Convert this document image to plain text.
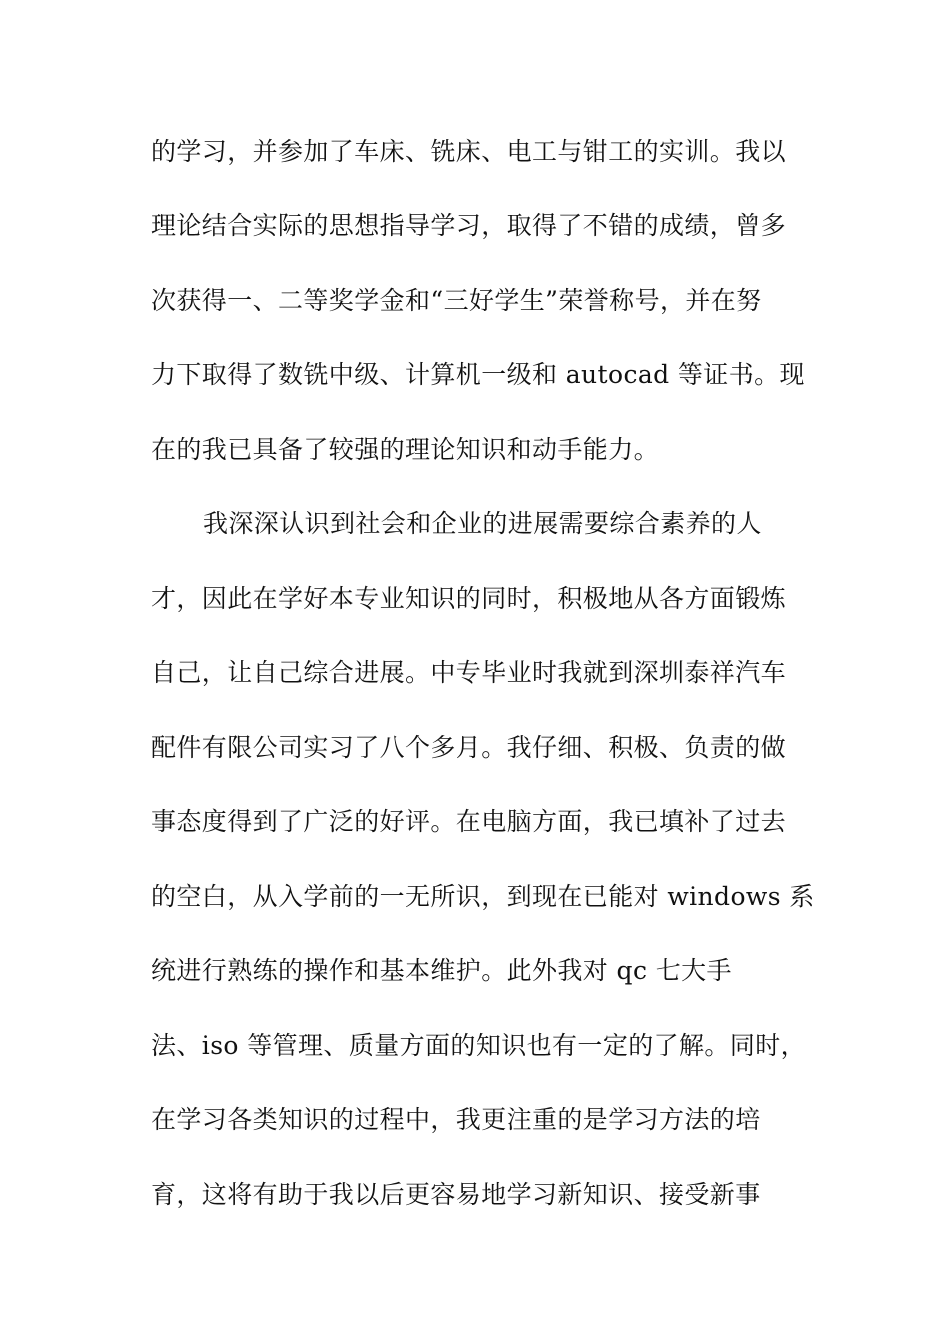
的学习，并参加了车床、铣床、电工与钳工的实训。我以
理论结合实际的思想指导学习，取得了不错的成绩，曾多
次获得一、二等奖学金和“三好学生”荣誉称号，并在努
力下取得了数铣中级、计算机一级和 autocad 等证书。现
在的我已具备了较强的理论知识和动手能力。
我深深认识到社会和企业的进展需要综合素养的人
才，因此在学好本专业知识的同时，积极地从各方面锻炼
自己，让自己综合进展。中专毕业时我就到深圳泰祥汽车
配件有限公司实习了八个多月。我仔细、积极、负责的做
事态度得到了广泛的好评。在电脑方面，我已填补了过去
的空白，从入学前的一无所识，到现在已能对 windows 系
统进行熟练的操作和基本维护。此外我对 qc 七大手
法、iso 等管理、质量方面的知识也有一定的了解。同时，
在学习各类知识的过程中，我更注重的是学习方法的培
育，这将有助于我以后更容易地学习新知识、接受新事
